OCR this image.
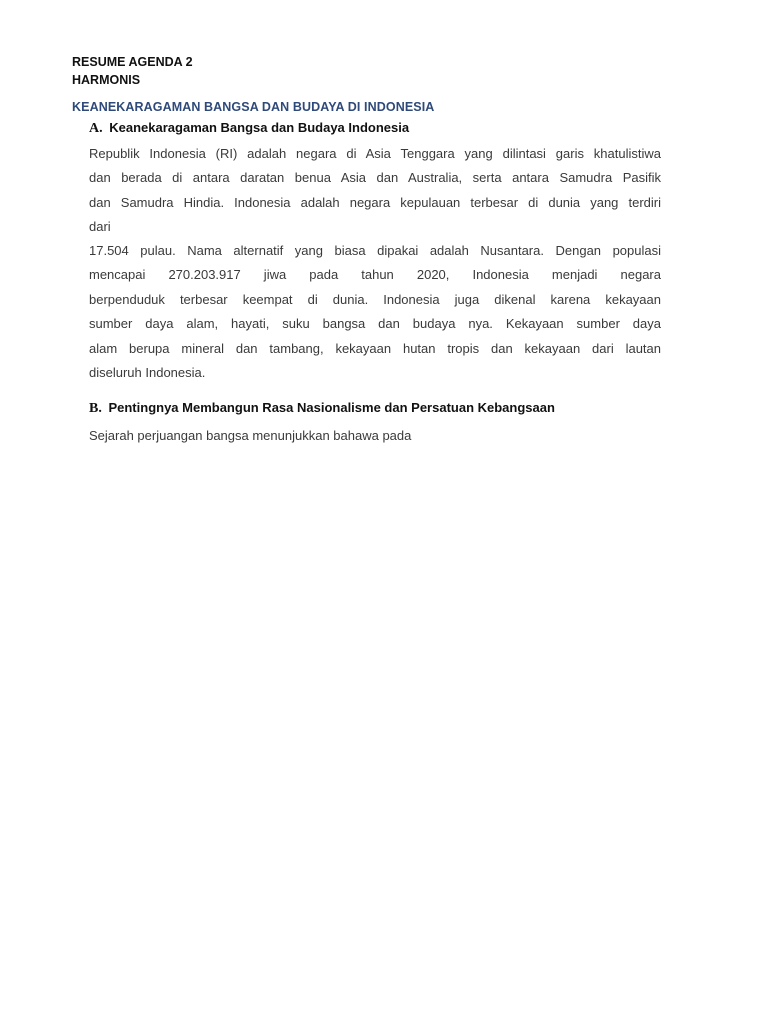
RESUME AGENDA 2
HARMONIS
KEANEKARAGAMAN BANGSA DAN BUDAYA DI INDONESIA
A. Keanekaragaman Bangsa dan Budaya Indonesia
Republik Indonesia (RI) adalah negara di Asia Tenggara yang dilintasi garis khatulistiwa
dan berada di antara daratan benua Asia dan Australia, serta antara Samudra Pasifik
dan Samudra Hindia. Indonesia adalah negara kepulauan terbesar di dunia yang terdiri
dari
17.504 pulau. Nama alternatif yang biasa dipakai adalah Nusantara. Dengan populasi
mencapai 270.203.917 jiwa pada tahun 2020, Indonesia menjadi negara
berpenduduk terbesar keempat di dunia. Indonesia juga dikenal karena kekayaan
sumber daya alam, hayati, suku bangsa dan budaya nya. Kekayaan sumber daya
alam berupa mineral dan tambang, kekayaan hutan tropis dan kekayaan dari lautan
diseluruh Indonesia.
B. Pentingnya Membangun Rasa Nasionalisme dan Persatuan Kebangsaan
Sejarah perjuangan bangsa menunjukkan bahawa pada
